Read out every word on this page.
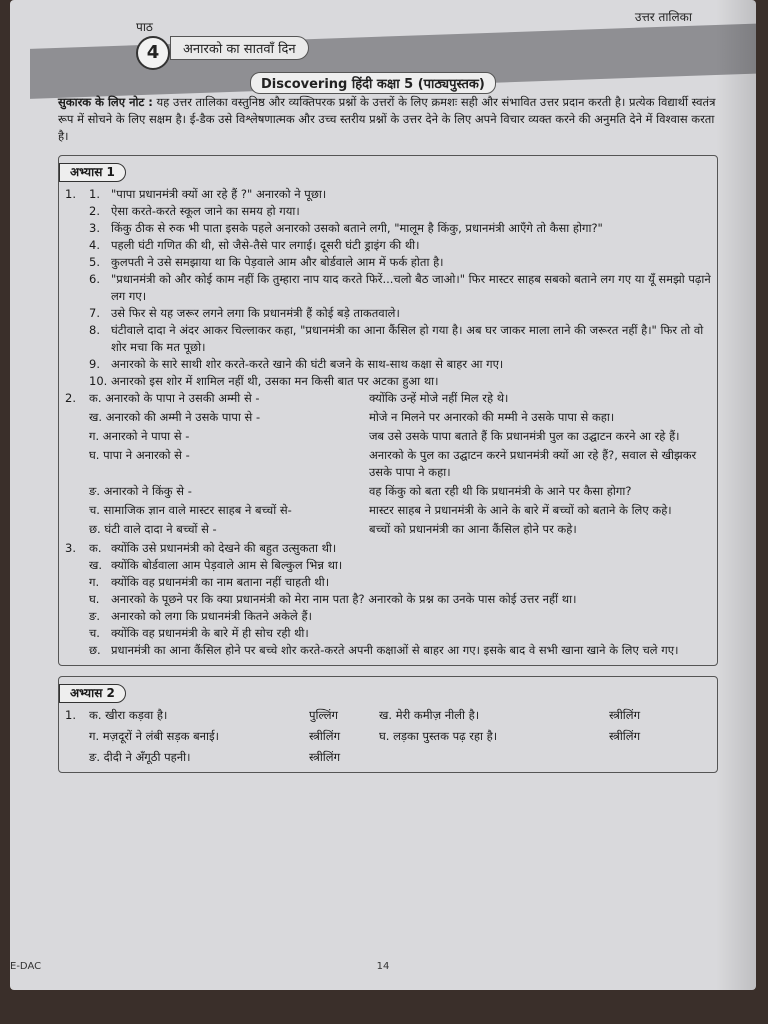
उत्तर तालिका
पाठ
4	अनारको का सातवाँ दिन
Discovering हिंदी कक्षा 5 (पाठ्यपुस्तक)
सुकारक के लिए नोट : यह उत्तर तालिका वस्तुनिष्ठ और व्यक्तिपरक प्रश्नों के उत्तरों के लिए क्रमशः सही और संभावित उत्तर प्रदान करती है। प्रत्येक विद्यार्थी स्वतंत्र रूप में सोचने के लिए सक्षम है। ई-डैक उसे विश्लेषणात्मक और उच्च स्तरीय प्रश्नों के उत्तर देने के लिए अपने विचार व्यक्त करने की अनुमति देने में विश्वास करता है।
अभ्यास 1
1.	1. "पापा प्रधानमंत्री क्यों आ रहे हैं ?" अनारको ने पूछा।
2. ऐसा करते-करते स्कूल जाने का समय हो गया।
3. किंकु ठीक से रुक भी पाता इसके पहले अनारको उसको बताने लगी, "मालूम है किंकु, प्रधानमंत्री आएँगे तो कैसा होगा?"
4. पहली घंटी गणित की थी, सो जैसे-तैसे पार लगाई। दूसरी घंटी ड्राइंग की थी।
5. कुलपती ने उसे समझाया था कि पेड़वाले आम और बोर्डवाले आम में फर्क होता है।
6. "प्रधानमंत्री को और कोई काम नहीं कि तुम्हारा नाप याद करते फिरें...चलो बैठ जाओ।" फिर मास्टर साहब सबको बताने लग गए या यूँ समझो पढ़ाने लग गए।
7. उसे फिर से यह जरूर लगने लगा कि प्रधानमंत्री हैं कोई बड़े ताकतवाले।
8. घंटीवाले दादा ने अंदर आकर चिल्लाकर कहा, "प्रधानमंत्री का आना कैंसिल हो गया है। अब घर जाकर माला लाने की जरूरत नहीं है।" फिर तो वो शोर मचा कि मत पूछो।
9. अनारको के सारे साथी शोर करते-करते खाने की घंटी बजने के साथ-साथ कक्षा से बाहर आ गए।
10. अनारको इस शोर में शामिल नहीं थी, उसका मन किसी बात पर अटका हुआ था।
2.	क. अनारको के पापा ने उसकी अम्मी से -	क्योंकि उन्हें मोजे नहीं मिल रहे थे।
ख. अनारको की अम्मी ने उसके पापा से -	मोजे न मिलने पर अनारको की मम्मी ने उसके पापा से कहा।
ग. अनारको ने पापा से -	जब उसे उसके पापा बताते हैं कि प्रधानमंत्री पुल का उद्घाटन करने आ रहे हैं।
घ. पापा ने अनारको से -	अनारको के पुल का उद्घाटन करने प्रधानमंत्री क्यों आ रहे हैं?, सवाल से खीझकर उसके पापा ने कहा।
ङ. अनारको ने किंकु से -	वह किंकु को बता रही थी कि प्रधानमंत्री के आने पर कैसा होगा?
च. सामाजिक ज्ञान वाले मास्टर साहब ने बच्चों से-	मास्टर साहब ने प्रधानमंत्री के आने के बारे में बच्चों को बताने के लिए कहे।
छ. घंटी वाले दादा ने बच्चों से -	बच्चों को प्रधानमंत्री का आना कैंसिल होने पर कहे।
3.	क. क्योंकि उसे प्रधानमंत्री को देखने की बहुत उत्सुकता थी।
ख. क्योंकि बोर्डवाला आम पेड़वाले आम से बिल्कुल भिन्न था।
ग.	क्योंकि वह प्रधानमंत्री का नाम बताना नहीं चाहती थी।
घ.	अनारको के पूछने पर कि क्या प्रधानमंत्री को मेरा नाम पता है? अनारको के प्रश्न का उनके पास कोई उत्तर नहीं था।
ङ. अनारको को लगा कि प्रधानमंत्री कितने अकेले हैं।
च. क्योंकि वह प्रधानमंत्री के बारे में ही सोच रही थी।
छ. प्रधानमंत्री का आना कैंसिल होने पर बच्चे शोर करते-करते अपनी कक्षाओं से बाहर आ गए। इसके बाद वे सभी खाना खाने के लिए चले गए।
अभ्यास 2
1.	क. खीरा कड़वा है।	पुल्लिंग	ख. मेरी कमीज़ नीली है।	स्त्रीलिंग
ग. मज़दूरों ने लंबी सड़क बनाई।	स्त्रीलिंग	घ. लड़का पुस्तक पढ़ रहा है।	स्त्रीलिंग
ङ. दीदी ने अँगूठी पहनी।	स्त्रीलिंग
E-DAC	14
